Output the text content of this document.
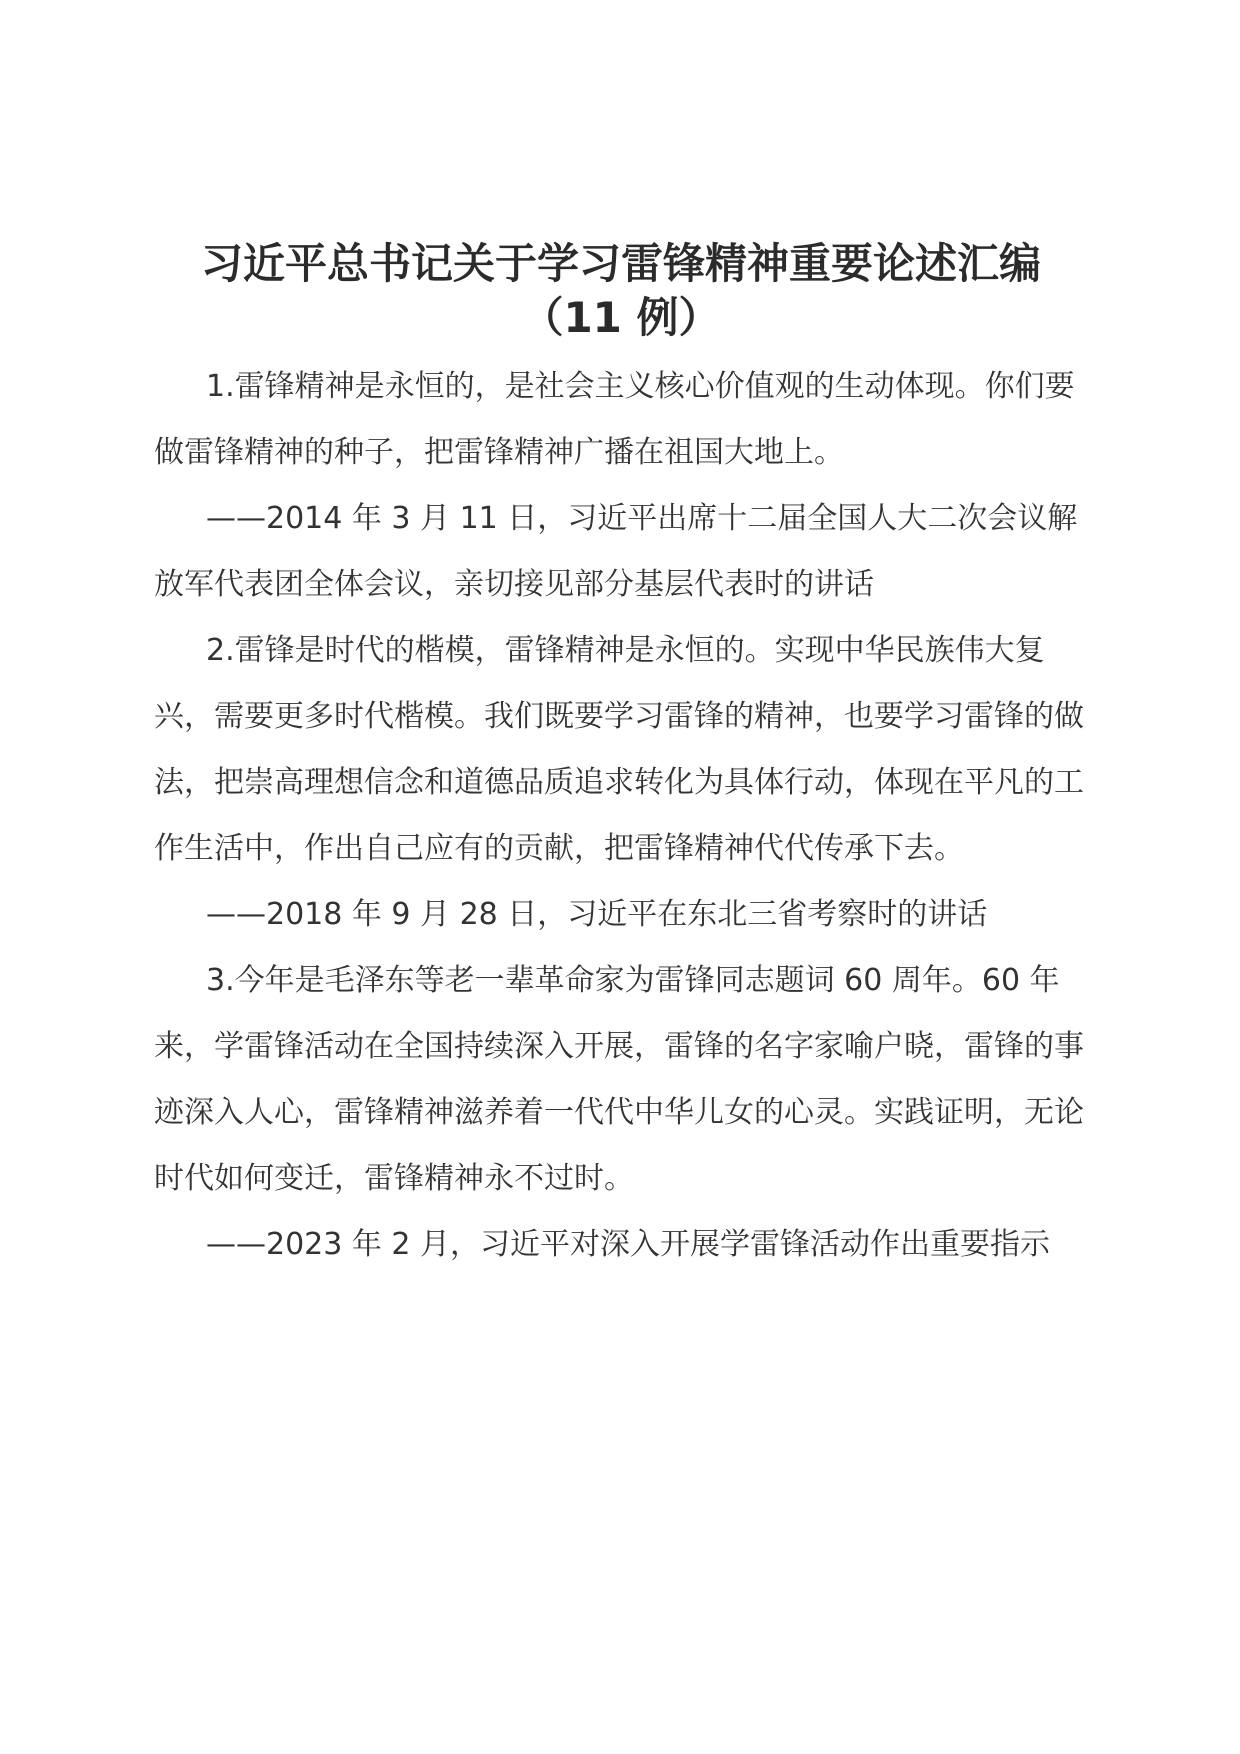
习近平总书记关于学习雷锋精神重要论述汇编
（11 例）

1.雷锋精神是永恒的，是社会主义核心价值观的生动体现。你们要做雷锋精神的种子，把雷锋精神广播在祖国大地上。

——2014 年 3 月 11 日，习近平出席十二届全国人大二次会议解放军代表团全体会议，亲切接见部分基层代表时的讲话

2.雷锋是时代的楷模，雷锋精神是永恒的。实现中华民族伟大复兴，需要更多时代楷模。我们既要学习雷锋的精神，也要学习雷锋的做法，把崇高理想信念和道德品质追求转化为具体行动，体现在平凡的工作生活中，作出自己应有的贡献，把雷锋精神代代传承下去。

——2018 年 9 月 28 日，习近平在东北三省考察时的讲话

3.今年是毛泽东等老一辈革命家为雷锋同志题词 60 周年。60 年来，学雷锋活动在全国持续深入开展，雷锋的名字家喻户晓，雷锋的事迹深入人心，雷锋精神滋养着一代代中华儿女的心灵。实践证明，无论时代如何变迁，雷锋精神永不过时。

——2023 年 2 月，习近平对深入开展学雷锋活动作出重要指示
